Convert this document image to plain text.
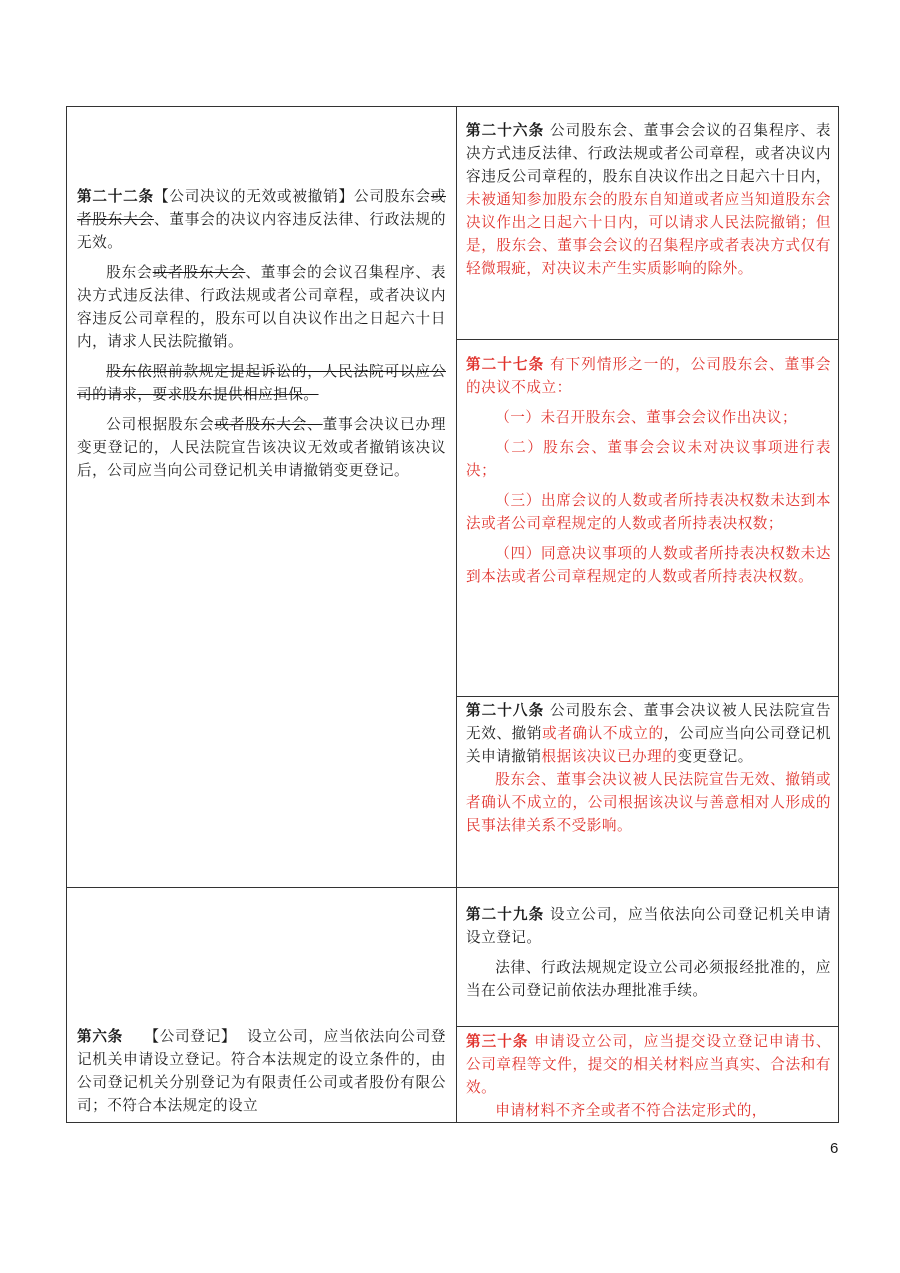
第二十二条【公司决议的无效或被撤销】公司股东会或者股东大会、董事会的决议内容违反法律、行政法规的无效。

股东会或者股东大会、董事会的会议召集程序、表决方式违反法律、行政法规或者公司章程，或者决议内容违反公司章程的，股东可以自决议作出之日起六十日内，请求人民法院撤销。

股东依照前款规定提起诉讼的，人民法院可以应公司的请求，要求股东提供相应担保。

公司根据股东会或者股东大会、董事会决议已办理变更登记的，人民法院宣告该决议无效或者撤销该决议后，公司应当向公司登记机关申请撤销变更登记。

第六条 【公司登记】 设立公司，应当依法向公司登记机关申请设立登记。符合本法规定的设立条件的，由公司登记机关分别登记为有限责任公司或者股份有限公司；不符合本法规定的设立

第二十六条 公司股东会、董事会会议的召集程序、表决方式违反法律、行政法规或者公司章程，或者决议内容违反公司章程的，股东自决议作出之日起六十日内，未被通知参加股东会的股东自知道或者应当知道股东会决议作出之日起六十日内，可以请求人民法院撤销；但是，股东会、董事会会议的召集程序或者表决方式仅有轻微瑕疵，对决议未产生实质影响的除外。

第二十七条 有下列情形之一的，公司股东会、董事会的决议不成立：

（一）未召开股东会、董事会会议作出决议；

（二）股东会、董事会会议未对决议事项进行表决；

（三）出席会议的人数或者所持表决权数未达到本法或者公司章程规定的人数或者所持表决权数；

（四）同意决议事项的人数或者所持表决权数未达到本法或者公司章程规定的人数或者所持表决权数。

第二十八条 公司股东会、董事会决议被人民法院宣告无效、撤销或者确认不成立的，公司应当向公司登记机关申请撤销根据该决议已办理的变更登记。

股东会、董事会决议被人民法院宣告无效、撤销或者确认不成立的，公司根据该决议与善意相对人形成的民事法律关系不受影响。

第二十九条 设立公司，应当依法向公司登记机关申请设立登记。

法律、行政法规规定设立公司必须报经批准的，应当在公司登记前依法办理批准手续。

第三十条 申请设立公司，应当提交设立登记申请书、公司章程等文件，提交的相关材料应当真实、合法和有效。

申请材料不齐全或者不符合法定形式的，

6
